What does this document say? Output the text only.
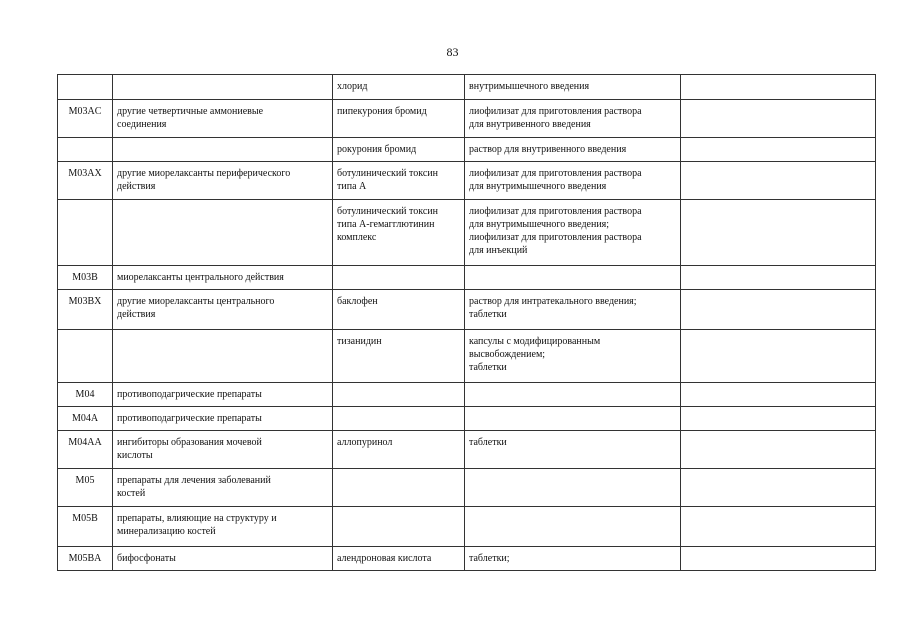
83

		хлорид	внутримышечного введения	

M03AC	другие четвертичные аммониевые
соединения	пипекурония бромид	лиофилизат для приготовления раствора
для внутривенного введения	

		рокурония бромид	раствор для внутривенного введения	

M03AX	другие миорелаксанты периферического
действия	ботулинический токсин
типа А	лиофилизат для приготовления раствора
для внутримышечного введения	

		ботулинический токсин
типа А-гемагглютинин
комплекс	лиофилизат для приготовления раствора
для внутримышечного введения;
лиофилизат для приготовления раствора
для инъекций	

M03B	миорелаксанты центрального действия			

M03BX	другие миорелаксанты центрального
действия	баклофен	раствор для интратекального введения;
таблетки	

		тизанидин	капсулы с модифицированным
высвобождением;
таблетки	

M04	противоподагрические препараты			

M04A	противоподагрические препараты			

M04AA	ингибиторы образования мочевой
кислоты	аллопуринол	таблетки	

M05	препараты для лечения заболеваний
костей			

M05B	препараты, влияющие на структуру и
минерализацию костей			

M05BA	бифосфонаты	алендроновая кислота	таблетки;	
